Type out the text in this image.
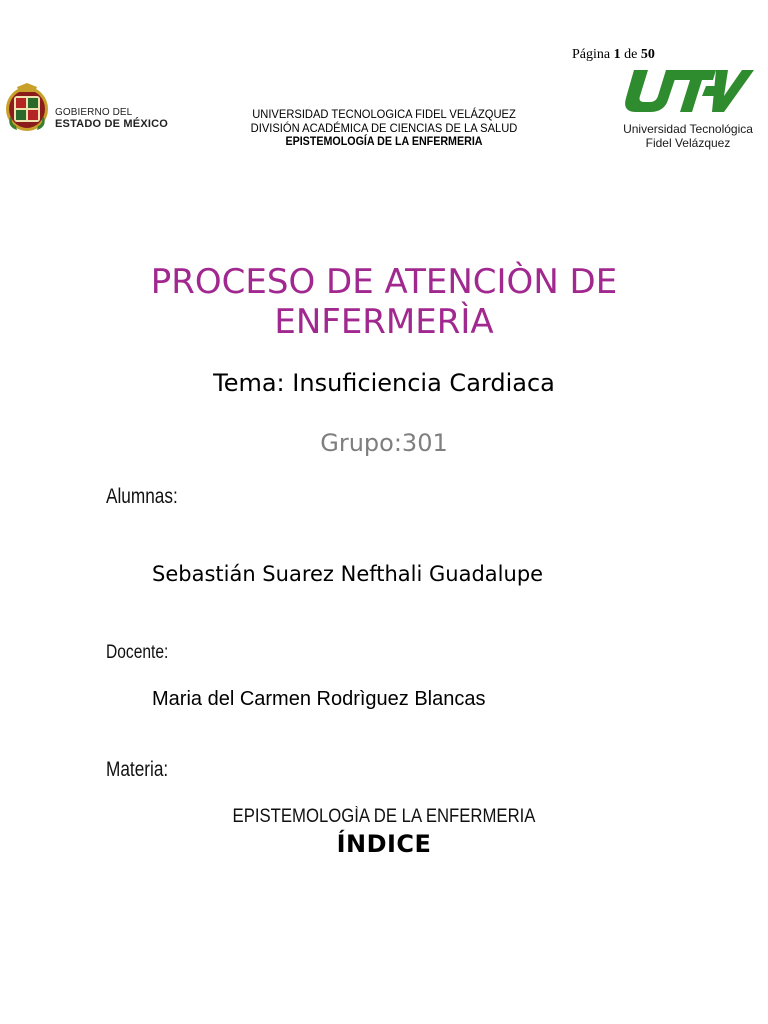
Página 1 de 50
GOBIERNO DEL
ESTADO DE MÉXICO
UNIVERSIDAD TECNOLOGICA FIDEL VELÁZQUEZ
DIVISIÓN ACADÉMICA DE CIENCIAS DE LA SALUD
EPISTEMOLOGÍA DE LA ENFERMERIA
Universidad Tecnológica
Fidel Velázquez
PROCESO DE ATENCIÒN DE
ENFERMERÌA
Tema: Insuficiencia Cardiaca
Grupo:301
Alumnas:
Sebastián Suarez Nefthali Guadalupe
Docente:
Maria del Carmen Rodrìguez Blancas
Materia:
EPISTEMOLOGÌA DE LA ENFERMERIA
ÍNDICE
